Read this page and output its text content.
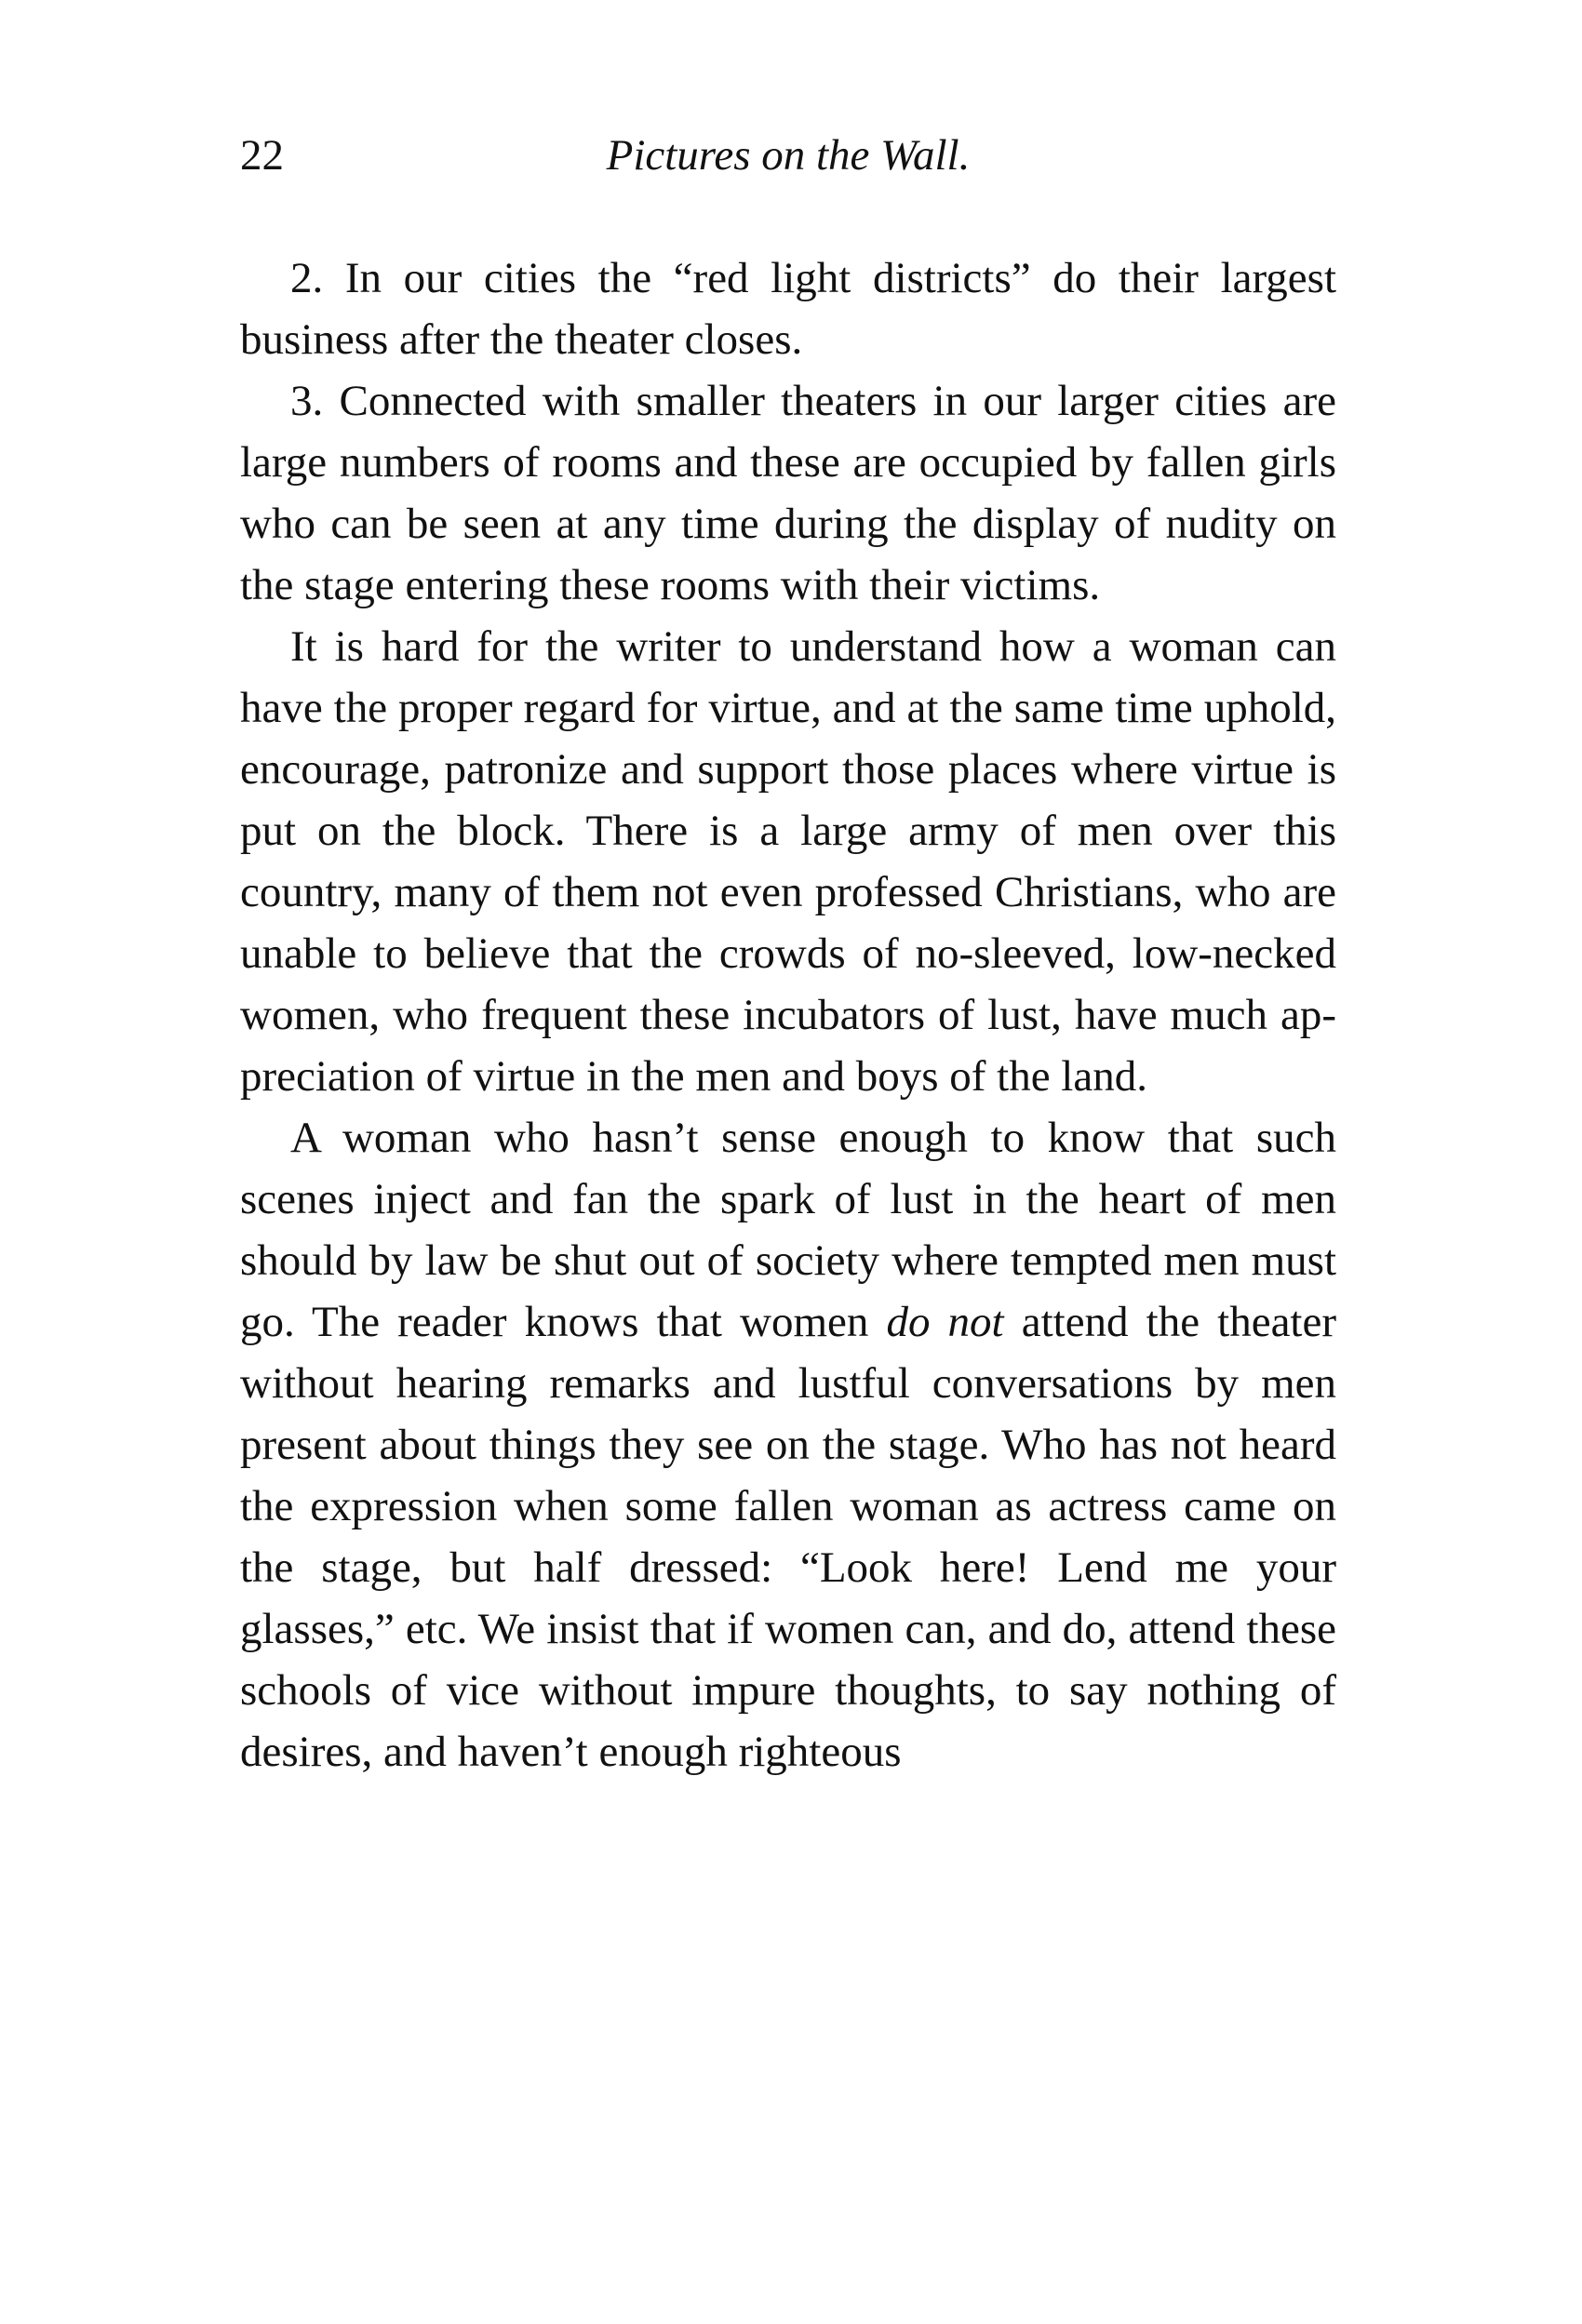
22	Pictures on the Wall.

2. In our cities the “red light districts” do their largest business after the theater closes.

3. Connected with smaller theaters in our larger cities are large numbers of rooms and these are occupied by fallen girls who can be seen at any time during the display of nudity on the stage entering these rooms with their victims.

It is hard for the writer to understand how a woman can have the proper regard for virtue, and at the same time uphold, encourage, patronize and support those places where virtue is put on the block. There is a large army of men over this country, many of them not even professed Christians, who are unable to believe that the crowds of no-sleeved, low-necked women, who frequent these incubators of lust, have much appreciation of virtue in the men and boys of the land.

A woman who hasn’t sense enough to know that such scenes inject and fan the spark of lust in the heart of men should by law be shut out of society where tempted men must go. The reader knows that women do not attend the theater without hearing remarks and lustful conversations by men present about things they see on the stage. Who has not heard the expression when some fallen woman as actress came on the stage, but half dressed: “Look here! Lend me your glasses,” etc. We insist that if women can, and do, attend these schools of vice without impure thoughts, to say nothing of desires, and haven’t enough righteous
